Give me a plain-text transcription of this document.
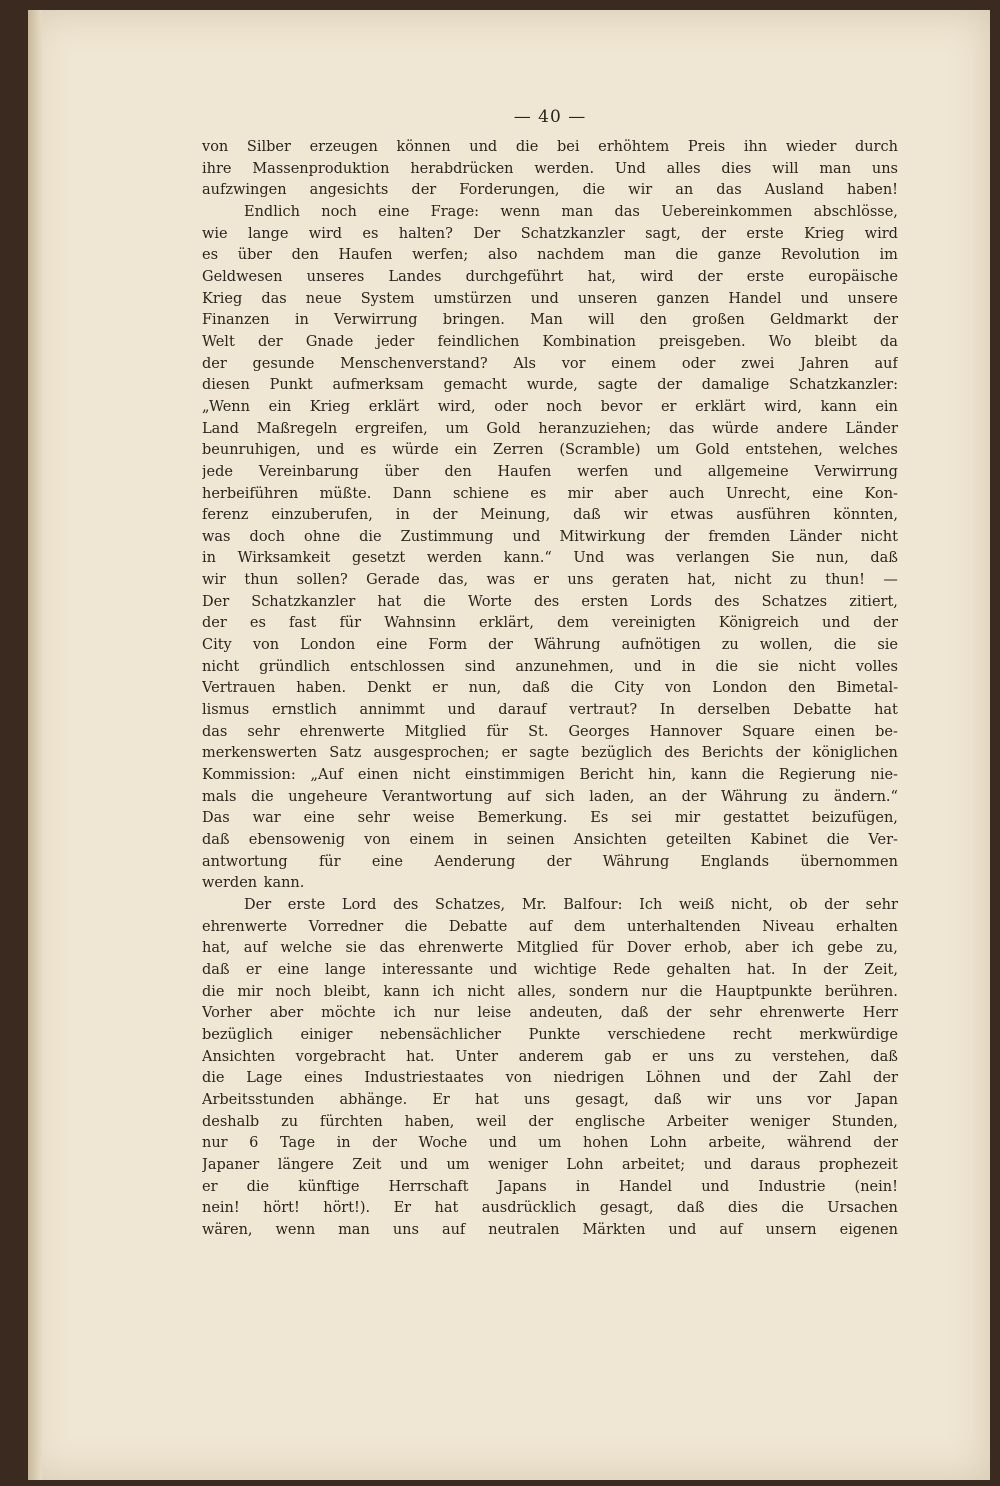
— 40 —
von Silber erzeugen können und die bei erhöhtem Preis ihn wieder durch
ihre Massenproduktion herabdrücken werden. Und alles dies will man uns
aufzwingen angesichts der Forderungen, die wir an das Ausland haben!
Endlich noch eine Frage: wenn man das Uebereinkommen abschlösse,
wie lange wird es halten? Der Schatzkanzler sagt, der erste Krieg wird
es über den Haufen werfen; also nachdem man die ganze Revolution im
Geldwesen unseres Landes durchgeführt hat, wird der erste europäische
Krieg das neue System umstürzen und unseren ganzen Handel und unsere
Finanzen in Verwirrung bringen. Man will den großen Geldmarkt der
Welt der Gnade jeder feindlichen Kombination preisgeben. Wo bleibt da
der gesunde Menschenverstand? Als vor einem oder zwei Jahren auf
diesen Punkt aufmerksam gemacht wurde, sagte der damalige Schatzkanzler:
„Wenn ein Krieg erklärt wird, oder noch bevor er erklärt wird, kann ein
Land Maßregeln ergreifen, um Gold heranzuziehen; das würde andere Länder
beunruhigen, und es würde ein Zerren (Scramble) um Gold entstehen, welches
jede Vereinbarung über den Haufen werfen und allgemeine Verwirrung
herbeiführen müßte. Dann schiene es mir aber auch Unrecht, eine Kon-
ferenz einzuberufen, in der Meinung, daß wir etwas ausführen könnten,
was doch ohne die Zustimmung und Mitwirkung der fremden Länder nicht
in Wirksamkeit gesetzt werden kann.“ Und was verlangen Sie nun, daß
wir thun sollen? Gerade das, was er uns geraten hat, nicht zu thun! —
Der Schatzkanzler hat die Worte des ersten Lords des Schatzes zitiert,
der es fast für Wahnsinn erklärt, dem vereinigten Königreich und der
City von London eine Form der Währung aufnötigen zu wollen, die sie
nicht gründlich entschlossen sind anzunehmen, und in die sie nicht volles
Vertrauen haben. Denkt er nun, daß die City von London den Bimetal-
lismus ernstlich annimmt und darauf vertraut? In derselben Debatte hat
das sehr ehrenwerte Mitglied für St. Georges Hannover Square einen be-
merkenswerten Satz ausgesprochen; er sagte bezüglich des Berichts der königlichen
Kommission: „Auf einen nicht einstimmigen Bericht hin, kann die Regierung nie-
mals die ungeheure Verantwortung auf sich laden, an der Währung zu ändern.“
Das war eine sehr weise Bemerkung. Es sei mir gestattet beizufügen,
daß ebensowenig von einem in seinen Ansichten geteilten Kabinet die Ver-
antwortung für eine Aenderung der Währung Englands übernommen
werden kann.
Der erste Lord des Schatzes, Mr. Balfour: Ich weiß nicht, ob der sehr
ehrenwerte Vorredner die Debatte auf dem unterhaltenden Niveau erhalten
hat, auf welche sie das ehrenwerte Mitglied für Dover erhob, aber ich gebe zu,
daß er eine lange interessante und wichtige Rede gehalten hat. In der Zeit,
die mir noch bleibt, kann ich nicht alles, sondern nur die Hauptpunkte berühren.
Vorher aber möchte ich nur leise andeuten, daß der sehr ehrenwerte Herr
bezüglich einiger nebensächlicher Punkte verschiedene recht merkwürdige
Ansichten vorgebracht hat. Unter anderem gab er uns zu verstehen, daß
die Lage eines Industriestaates von niedrigen Löhnen und der Zahl der
Arbeitsstunden abhänge. Er hat uns gesagt, daß wir uns vor Japan
deshalb zu fürchten haben, weil der englische Arbeiter weniger Stunden,
nur 6 Tage in der Woche und um hohen Lohn arbeite, während der
Japaner längere Zeit und um weniger Lohn arbeitet; und daraus prophezeit
er die künftige Herrschaft Japans in Handel und Industrie (nein!
nein! hört! hört!). Er hat ausdrücklich gesagt, daß dies die Ursachen
wären, wenn man uns auf neutralen Märkten und auf unsern eigenen
